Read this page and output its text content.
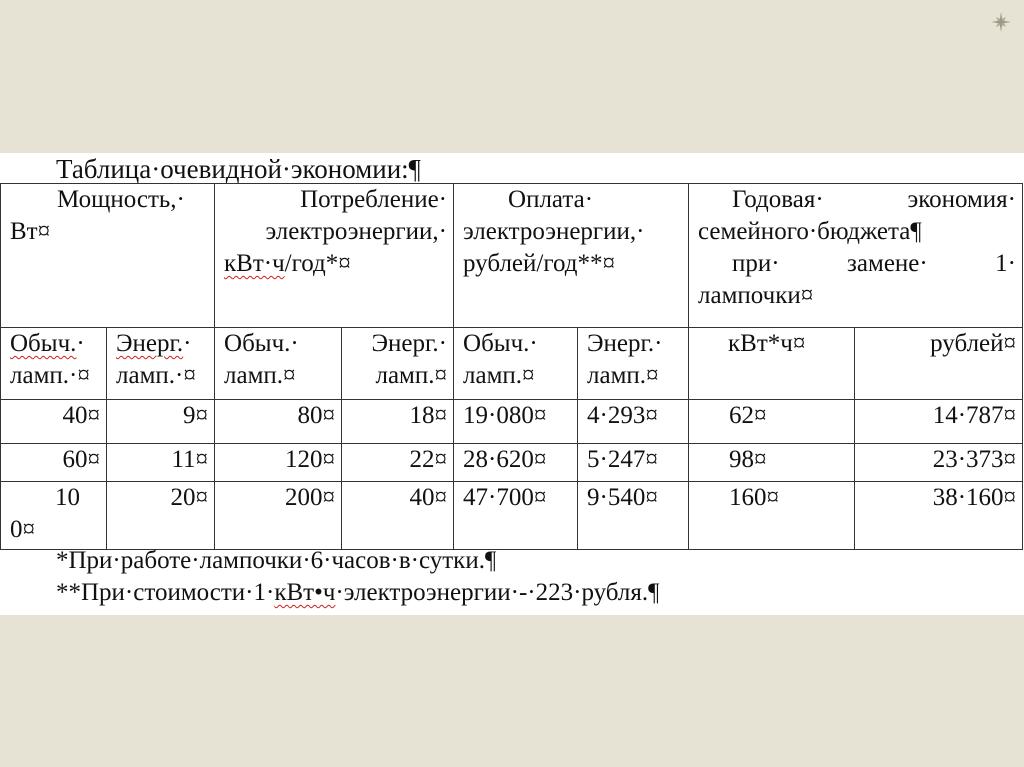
Таблица·очевидной·экономии:¶
Мощность,·
Вт¤		Потребление·
электроэнергии,·
кВт·ч/год*¤		Оплата·
электроэнергии,·
рублей/год**¤		Годовая· экономия·
семейного·бюджета¶
при· замене· 1·
лампочки¤	

Обыч.·
ламп.·¤	Энерг.·
ламп.·¤	Обыч.·
ламп.¤	Энерг.·
ламп.¤	Обыч.·
ламп.¤	Энерг.·
ламп.¤	кВт*ч¤	рублей¤

40¤	9¤	80¤	18¤	19·080¤	4·293¤	62¤	14·787¤
60¤	11¤	120¤	22¤	28·620¤	5·247¤	98¤	23·373¤

10
0¤	20¤	200¤	40¤	47·700¤	9·540¤	160¤	38·160¤
*При·работе·лампочки·6·часов·в·сутки.¶
**При·стоимости·1·кВт•ч·электроэнергии·-·223·рубля.¶
